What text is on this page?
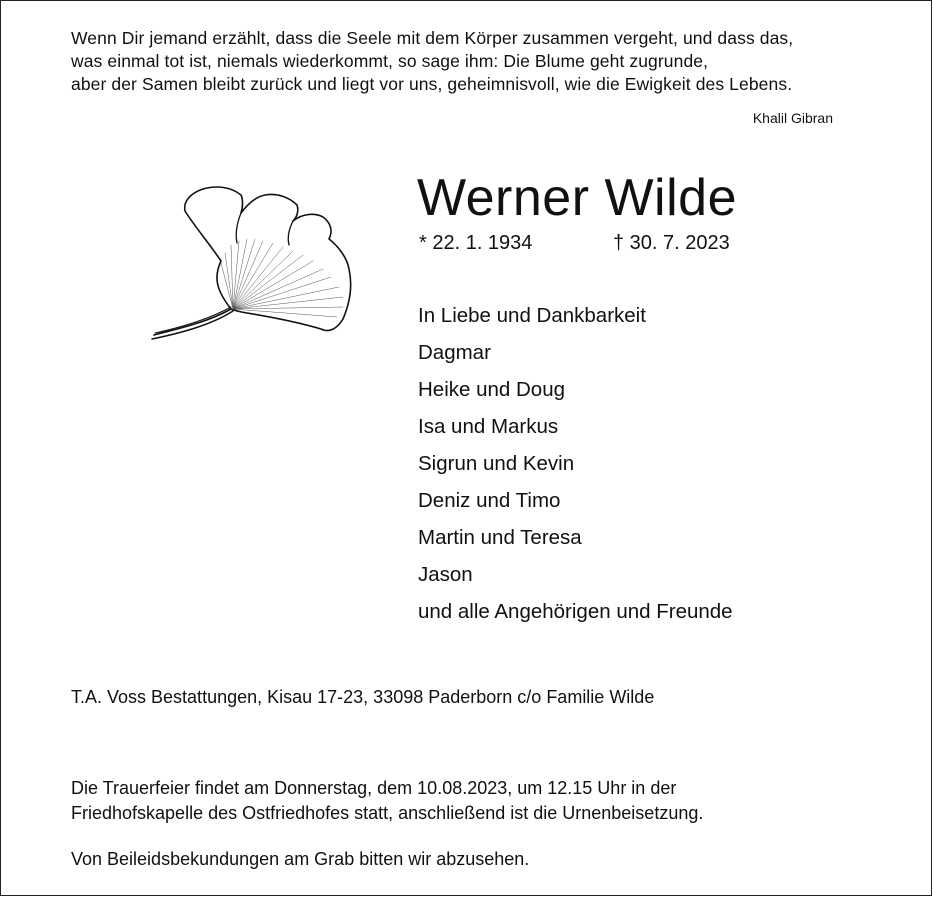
Wenn Dir jemand erzählt, dass die Seele mit dem Körper zusammen vergeht, und dass das,

was einmal tot ist, niemals wiederkommt, so sage ihm: Die Blume geht zugrunde,

aber der Samen bleibt zurück und liegt vor uns, geheimnisvoll, wie die Ewigkeit des Lebens.

Khalil Gibran
Werner Wilde
* 22. 1. 1934	† 30. 7. 2023
In Liebe und Dankbarkeit
Dagmar
Heike und Doug
Isa und Markus
Sigrun und Kevin
Deniz und Timo
Martin und Teresa
Jason
und alle Angehörigen und Freunde
T.A. Voss Bestattungen, Kisau 17-23, 33098 Paderborn c/o Familie Wilde

Die Trauerfeier findet am Donnerstag, dem 10.08.2023, um 12.15 Uhr in der

Friedhofskapelle des Ostfriedhofes statt, anschließend ist die Urnenbeisetzung.

Von Beileidsbekundungen am Grab bitten wir abzusehen.
